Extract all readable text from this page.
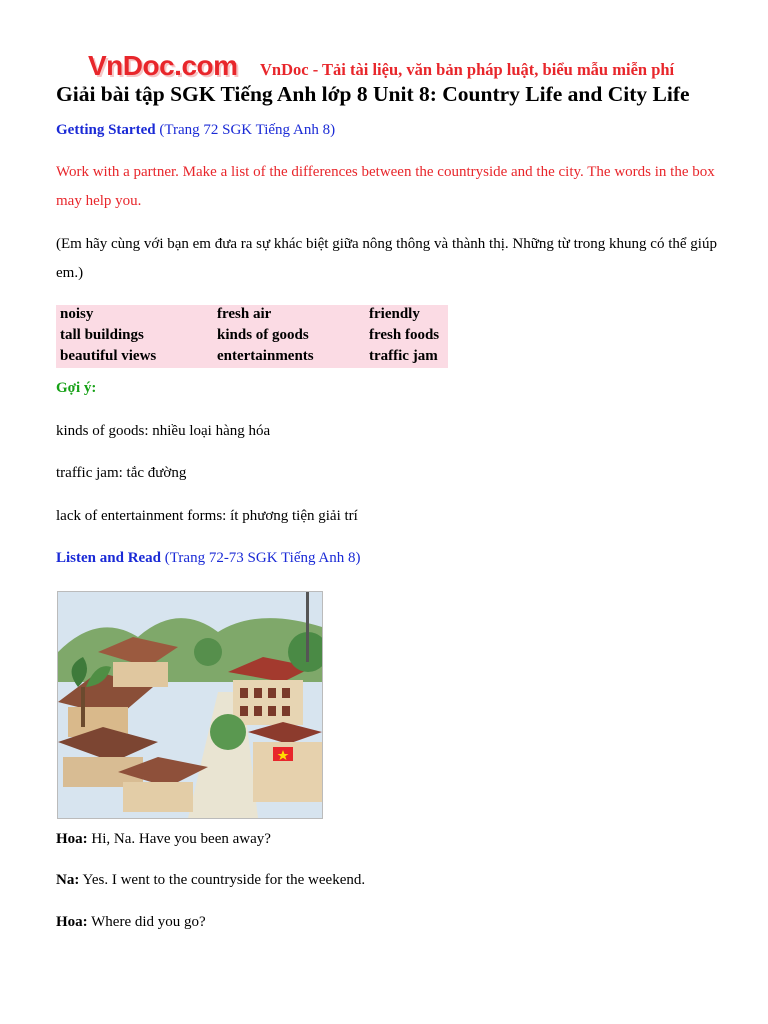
VnDoc.com VnDoc - Tải tài liệu, văn bản pháp luật, biểu mẫu miễn phí
Giải bài tập SGK Tiếng Anh lớp 8 Unit 8: Country Life and City Life
Getting Started (Trang 72 SGK Tiếng Anh 8)
Work with a partner. Make a list of the differences between the countryside and the city. The words in the box may help you.
(Em hãy cùng với bạn em đưa ra sự khác biệt giữa nông thông và thành thị. Những từ trong khung có thể giúp em.)
noisy	fresh air	friendly
tall buildings	kinds of goods	fresh foods
beautiful views	entertainments	traffic jam
Gợi ý:
kinds of goods: nhiều loại hàng hóa
traffic jam: tắc đường
lack of entertainment forms: ít phương tiện giải trí
Listen and Read (Trang 72-73 SGK Tiếng Anh 8)
Hoa: Hi, Na. Have you been away?
Na: Yes. I went to the countryside for the weekend.
Hoa: Where did you go?
